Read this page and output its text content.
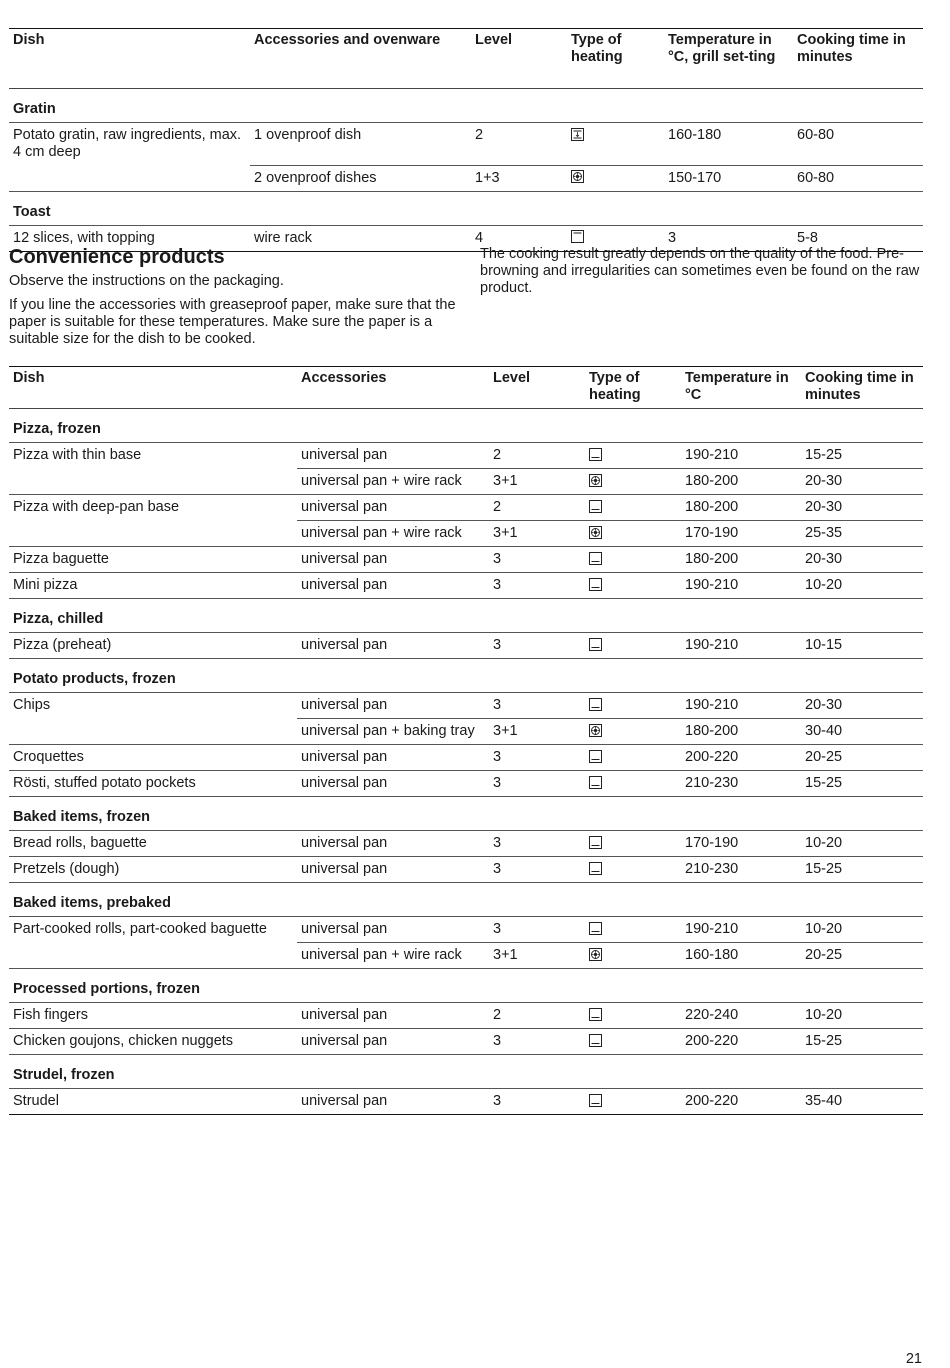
Dish	Accessories and ovenware	Level	Type of heating	Temperature in °C, grill set-ting	Cooking time in minutes
Gratin					
Potato gratin, raw ingredients, max. 4 cm deep	1 ovenproof dish	2		160-180	60-80
	2 ovenproof dishes	1+3		150-170	60-80
Toast					
12 slices, with topping	wire rack	4		3	5-8
Convenience products

Observe the instructions on the packaging.

If you line the accessories with greaseproof paper, make sure that the paper is suitable for these temperatures. Make sure the paper is a suitable size for the dish to be cooked.

The cooking result greatly depends on the quality of the food. Pre-browning and irregularities can sometimes even be found on the raw product.

Dish	Accessories	Level	Type of heating	Temperature in °C	Cooking time in minutes
Pizza, frozen					
Pizza with thin base	universal pan	2		190-210	15-25
	universal pan + wire rack	3+1		180-200	20-30
Pizza with deep-pan base	universal pan	2		180-200	20-30
	universal pan + wire rack	3+1		170-190	25-35
Pizza baguette	universal pan	3		180-200	20-30
Mini pizza	universal pan	3		190-210	10-20
Pizza, chilled					
Pizza (preheat)	universal pan	3		190-210	10-15
Potato products, frozen					
Chips	universal pan	3		190-210	20-30
	universal pan + baking tray	3+1		180-200	30-40
Croquettes	universal pan	3		200-220	20-25
Rösti, stuffed potato pockets	universal pan	3		210-230	15-25
Baked items, frozen					
Bread rolls, baguette	universal pan	3		170-190	10-20
Pretzels (dough)	universal pan	3		210-230	15-25
Baked items, prebaked					
Part-cooked rolls, part-cooked baguette	universal pan	3		190-210	10-20
	universal pan + wire rack	3+1		160-180	20-25
Processed portions, frozen					
Fish fingers	universal pan	2		220-240	10-20
Chicken goujons, chicken nuggets	universal pan	3		200-220	15-25
Strudel, frozen					
Strudel	universal pan	3		200-220	35-40
21
